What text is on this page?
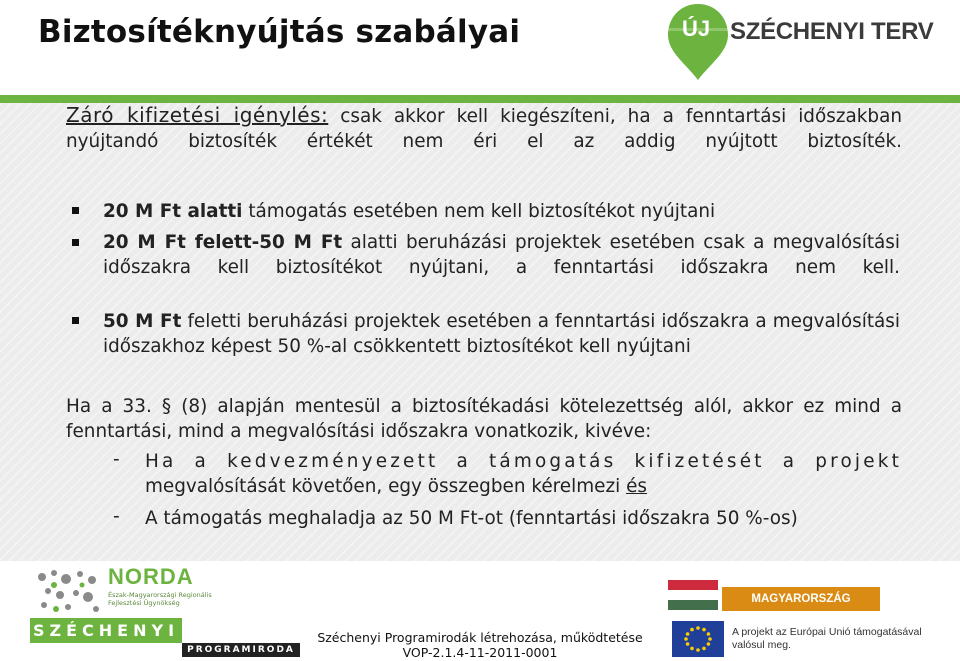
Biztosítéknyújtás szabályai	ÚJ SZÉCHENYI TERV
Záró kifizetési igénylés: csak akkor kell kiegészíteni, ha a fenntartási időszakban nyújtandó biztosíték értékét nem éri el az addig nyújtott biztosíték.
20 M Ft alatti támogatás esetében nem kell biztosítékot nyújtani
20 M Ft felett-50 M Ft alatti beruházási projektek esetében csak a megvalósítási időszakra kell biztosítékot nyújtani, a fenntartási időszakra nem kell.
50 M Ft feletti beruházási projektek esetében a fenntartási időszakra a megvalósítási időszakhoz képest 50 %-al csökkentett biztosítékot kell nyújtani
Ha a 33. § (8) alapján mentesül a biztosítékadási kötelezettség alól, akkor ez mind a fenntartási, mind a megvalósítási időszakra vonatkozik, kivéve:
- Ha a kedvezményezett a támogatás kifizetését a projekt
megvalósítását követően, egy összegben kérelmezi és
- A támogatás meghaladja az 50 M Ft-ot (fenntartási időszakra 50 %-os)
NORDA
Észak-Magyarországi Regionális Fejlesztési Ügynökség
SZÉCHENYI
PROGRAMIRODA
Széchenyi Programirodák létrehozása, működtetése
VOP-2.1.4-11-2011-0001
MAGYARORSZÁG MEGÚJUL
A projekt az Európai Unió támogatásával valósul meg.
